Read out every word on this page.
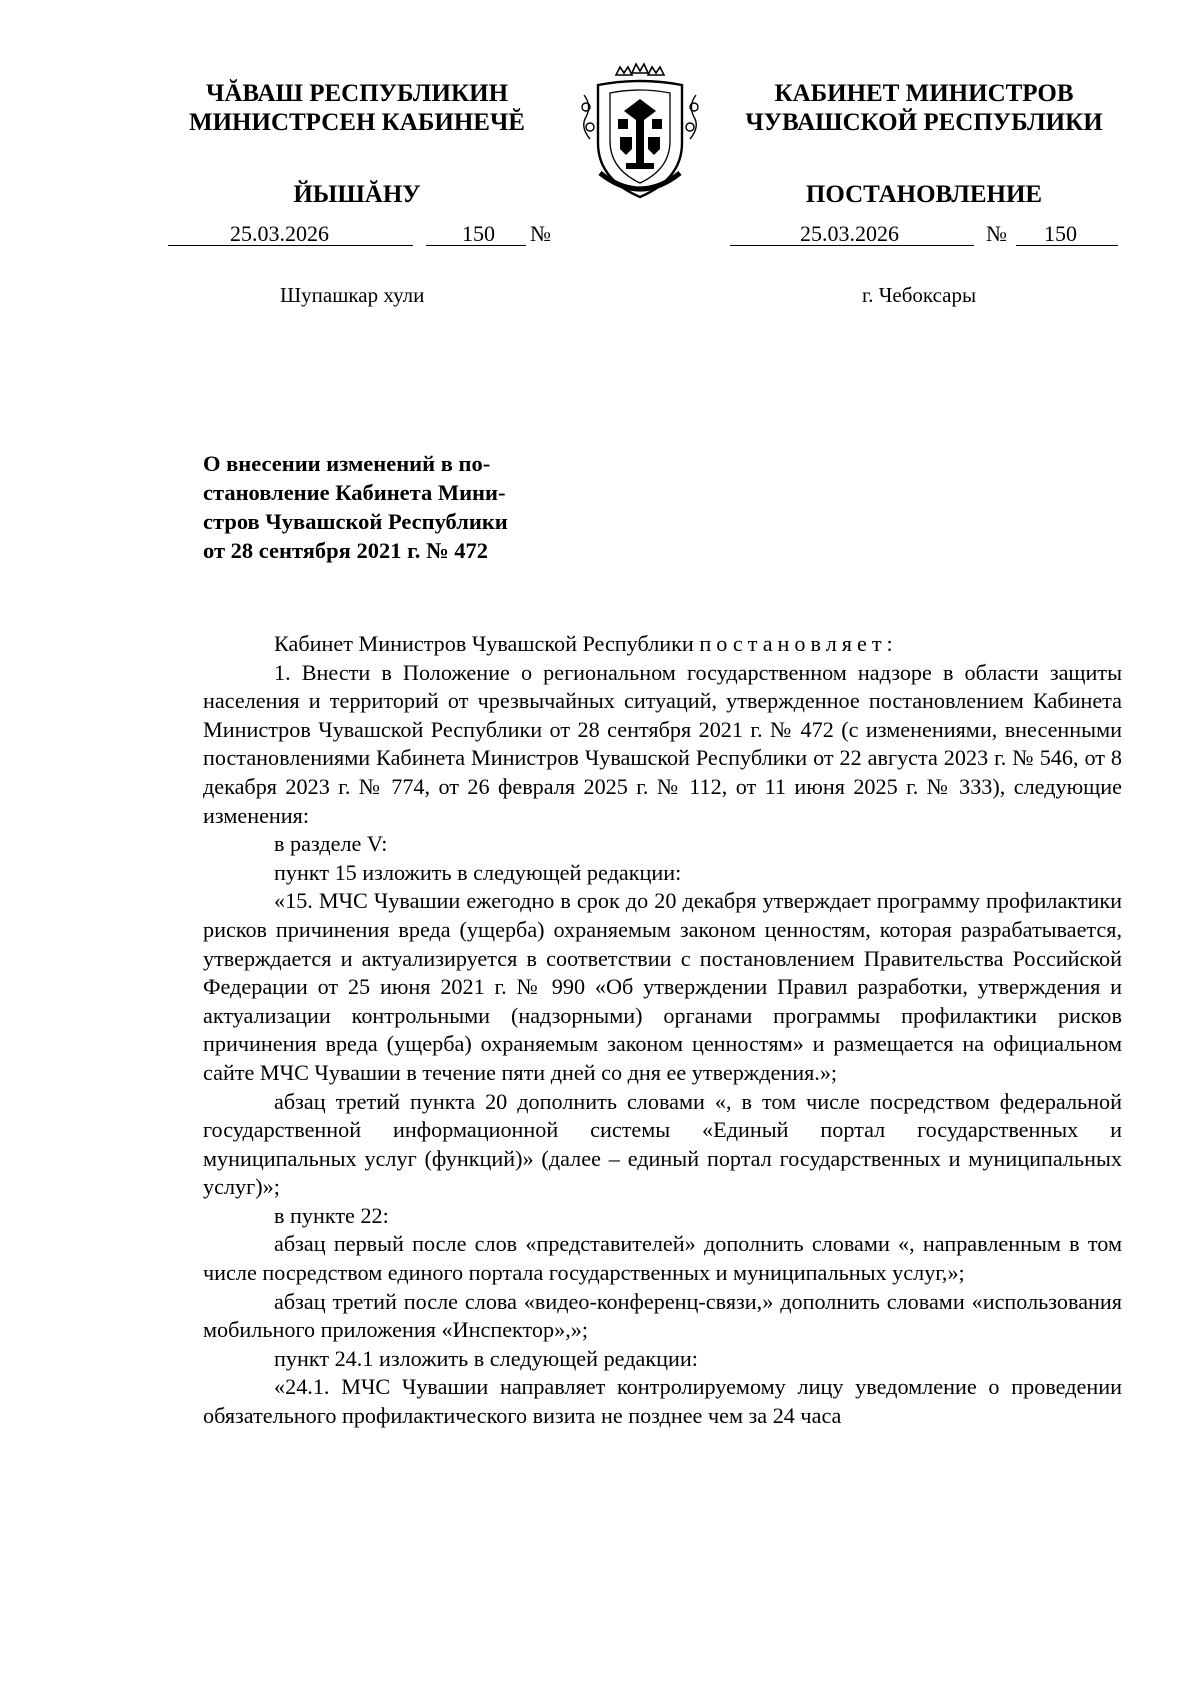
ЧĂВАШ РЕСПУБЛИКИН
МИНИСТРСЕН КАБИНЕЧĔ
ЙЫШĂНУ
КАБИНЕТ МИНИСТРОВ
ЧУВАШСКОЙ РЕСПУБЛИКИ
ПОСТАНОВЛЕНИЕ
25.03.2026	150 №	25.03.2026	№ 150
Шупашкар хули	г. Чебоксары
О внесении изменений в по-
становление Кабинета Мини-
стров Чувашской Республики
от 28 сентября 2021 г. № 472

Кабинет Министров Чувашской Республики постановляет:

1. Внести в Положение о региональном государственном надзоре в области защиты населения и территорий от чрезвычайных ситуаций, утвержденное постановлением Кабинета Министров Чувашской Республики от 28 сентября 2021 г. № 472 (с изменениями, внесенными постановлениями Кабинета Министров Чувашской Республики от 22 августа 2023 г. № 546, от 8 декабря 2023 г. № 774, от 26 февраля 2025 г. № 112, от 11 июня 2025 г. № 333), следующие изменения:

в разделе V:

пункт 15 изложить в следующей редакции:

«15. МЧС Чувашии ежегодно в срок до 20 декабря утверждает программу профилактики рисков причинения вреда (ущерба) охраняемым законом ценностям, которая разрабатывается, утверждается и актуализируется в соответствии с постановлением Правительства Российской Федерации от 25 июня 2021 г. № 990 «Об утверждении Правил разработки, утверждения и актуализации контрольными (надзорными) органами программы профилактики рисков причинения вреда (ущерба) охраняемым законом ценностям» и размещается на официальном сайте МЧС Чувашии в течение пяти дней со дня ее утверждения.»;

абзац третий пункта 20 дополнить словами «, в том числе посредством федеральной государственной информационной системы «Единый портал государственных и муниципальных услуг (функций)» (далее – единый портал государственных и муниципальных услуг)»;

в пункте 22:

абзац первый после слов «представителей» дополнить словами «, направленным в том числе посредством единого портала государственных и муниципальных услуг,»;

абзац третий после слова «видео-конференц-связи,» дополнить словами «использования мобильного приложения «Инспектор»,»;

пункт 24.1 изложить в следующей редакции:

«24.1. МЧС Чувашии направляет контролируемому лицу уведомление о проведении обязательного профилактического визита не позднее чем за 24 часа
